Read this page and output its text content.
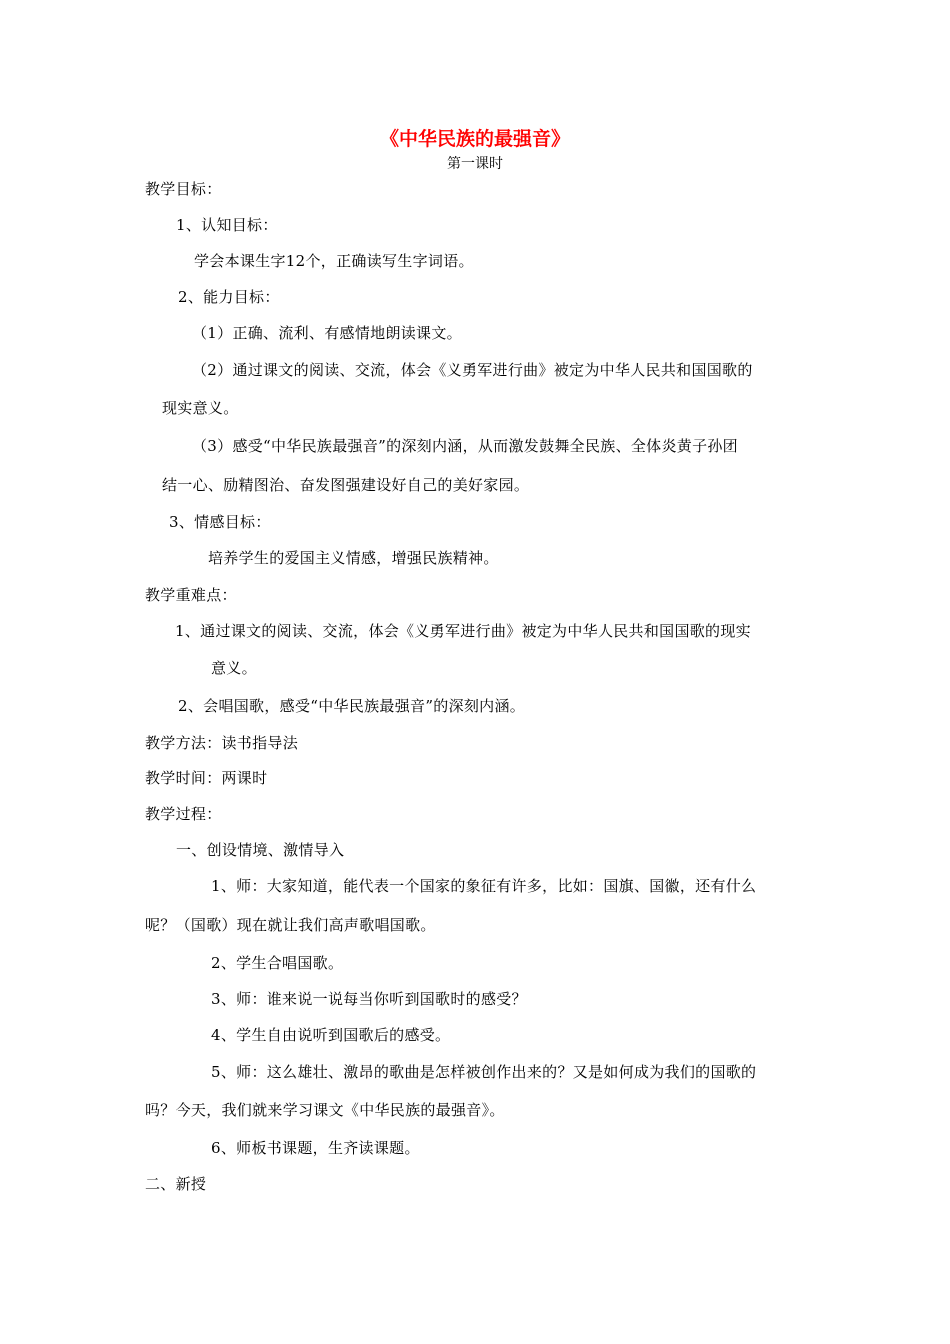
《中华民族的最强音》
第一课时
教学目标：
1、认知目标：
学会本课生字12个，正确读写生字词语。
2、能力目标：
（1）正确、流利、有感情地朗读课文。
（2）通过课文的阅读、交流，体会《义勇军进行曲》被定为中华人民共和国国歌的
现实意义。
（3）感受“中华民族最强音”的深刻内涵，从而激发鼓舞全民族、全体炎黄子孙团
结一心、励精图治、奋发图强建设好自己的美好家园。
3、情感目标：
培养学生的爱国主义情感，增强民族精神。
教学重难点：
1、通过课文的阅读、交流，体会《义勇军进行曲》被定为中华人民共和国国歌的现实
意义。
2、会唱国歌，感受“中华民族最强音”的深刻内涵。
教学方法：读书指导法
教学时间：两课时
教学过程：
一、创设情境、激情导入
1、师：大家知道，能代表一个国家的象征有许多，比如：国旗、国徽，还有什么
呢？（国歌）现在就让我们高声歌唱国歌。
2、学生合唱国歌。
3、师：谁来说一说每当你听到国歌时的感受？
4、学生自由说听到国歌后的感受。
5、师：这么雄壮、激昂的歌曲是怎样被创作出来的？又是如何成为我们的国歌的
吗？今天，我们就来学习课文《中华民族的最强音》。
6、师板书课题，生齐读课题。
二、新授
